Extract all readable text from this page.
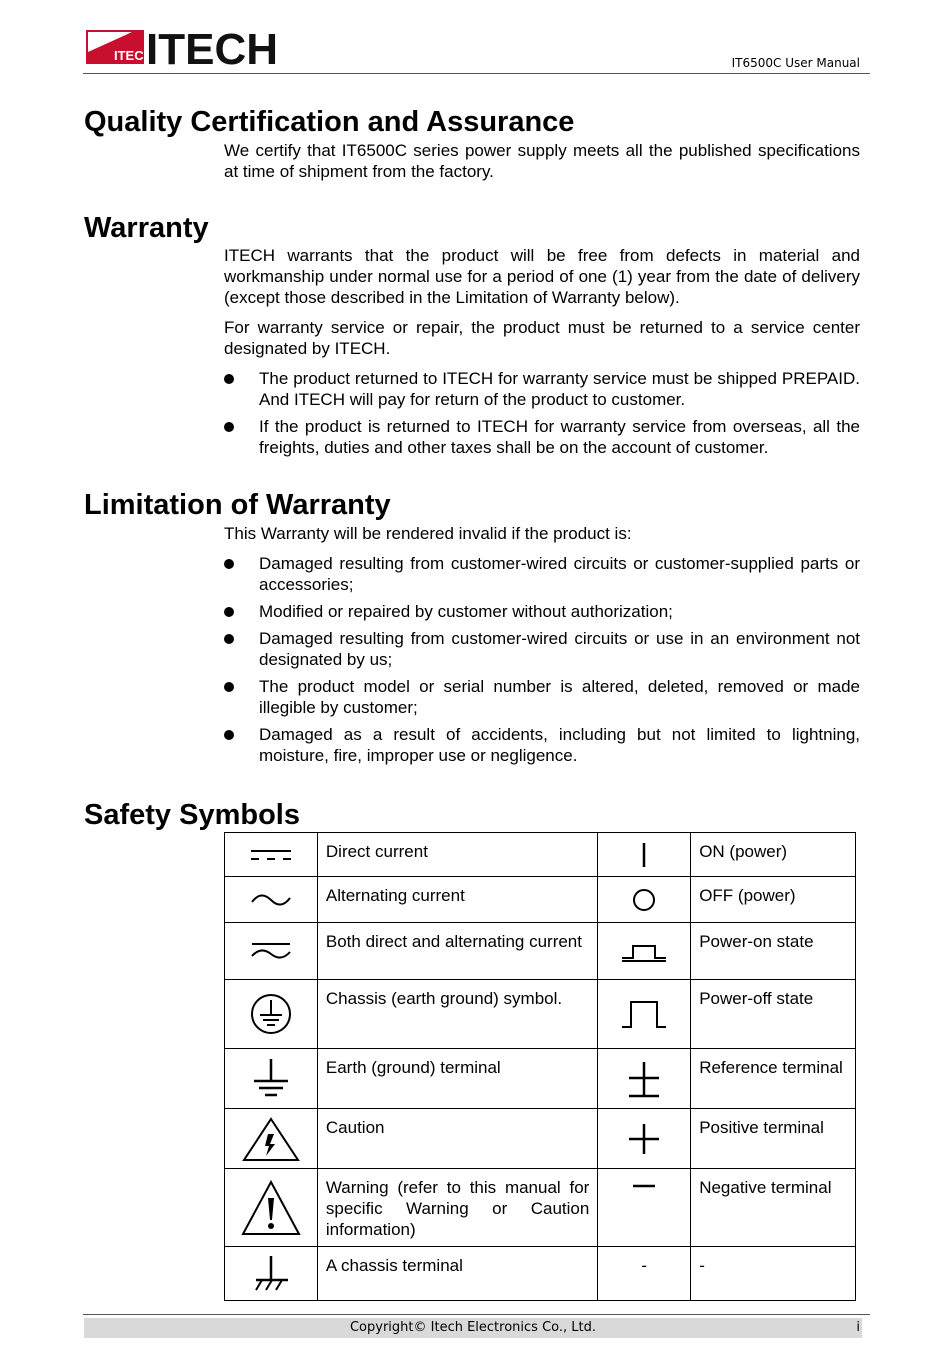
ITECH
ITECH	IT6500C User Manual
Quality Certification and Assurance

We certify that IT6500C series power supply meets all the published specifications at time of shipment from the factory.

Warranty

ITECH warrants that the product will be free from defects in material and workmanship under normal use for a period of one (1) year from the date of delivery (except those described in the Limitation of Warranty below).

For warranty service or repair, the product must be returned to a service center designated by ITECH.

The product returned to ITECH for warranty service must be shipped PREPAID. And ITECH will pay for return of the product to customer.
If the product is returned to ITECH for warranty service from overseas, all the freights, duties and other taxes shall be on the account of customer.
Limitation of Warranty

This Warranty will be rendered invalid if the product is:

Damaged resulting from customer-wired circuits or customer-supplied parts or accessories;
Modified or repaired by customer without authorization;
Damaged resulting from customer-wired circuits or use in an environment not designated by us;
The product model or serial number is altered, deleted, removed or made illegible by customer;
Damaged as a result of accidents, including but not limited to lightning, moisture, fire, improper use or negligence.
Safety Symbols
	Direct current		ON (power)

	Alternating current		OFF (power)

	Both direct and alternating current		Power-on state

	Chassis (earth ground) symbol.		Power-off state

	Earth (ground) terminal		Reference terminal

	Caution		Positive terminal

	Warning (refer to this manual for specific Warning or Caution information)		Negative terminal

	A chassis terminal	-	-
Copyright© Itech Electronics Co., Ltd.	i
